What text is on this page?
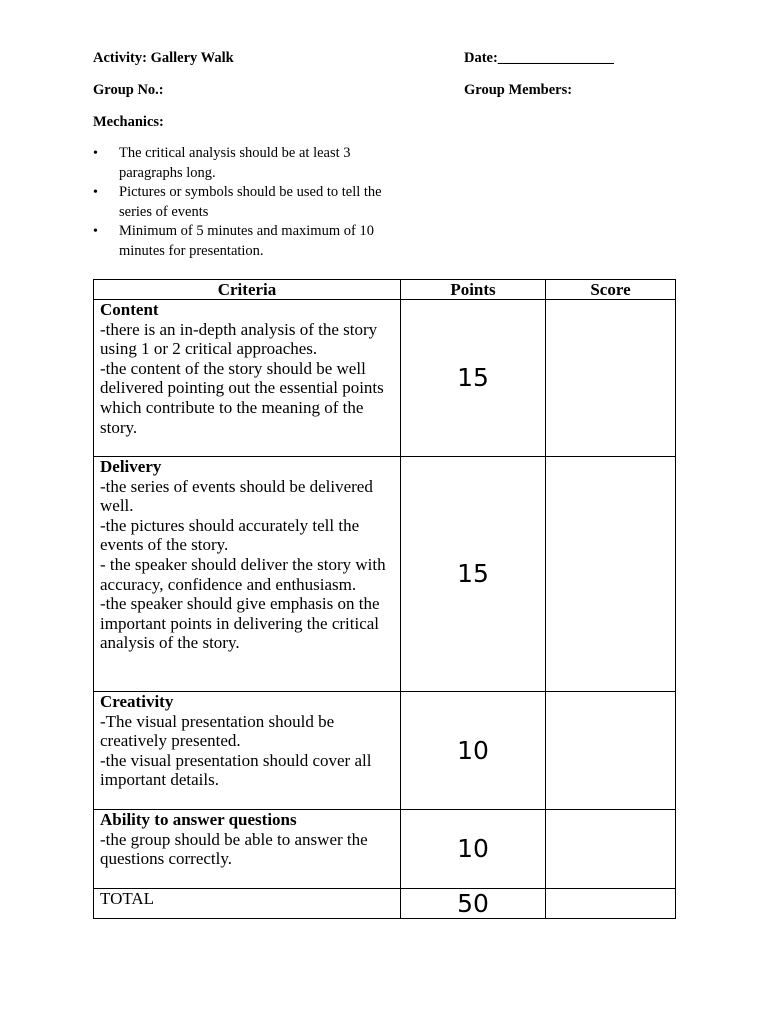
Activity: Gallery Walk	Date:________________
Group No.:	Group Members:
Mechanics:
• The critical analysis should be at least 3 paragraphs long.
• Pictures or symbols should be used to tell the series of events
• Minimum of 5 minutes and maximum of 10 minutes for presentation.
Criteria	Points	Score

Content
-there is an in-depth analysis of the story using 1 or 2 critical approaches.
-the content of the story should be well delivered pointing out the essential points which contribute to the meaning of the story.	15	

Delivery
-the series of events should be delivered well.
-the pictures should accurately tell the events of the story.
- the speaker should deliver the story with accuracy, confidence and enthusiasm.
-the speaker should give emphasis on the important points in delivering the critical analysis of the story.	15	

Creativity
-The visual presentation should be creatively presented.
-the visual presentation should cover all important details.	10	

Ability to answer questions
-the group should be able to answer the questions correctly.	10	
TOTAL	50	
